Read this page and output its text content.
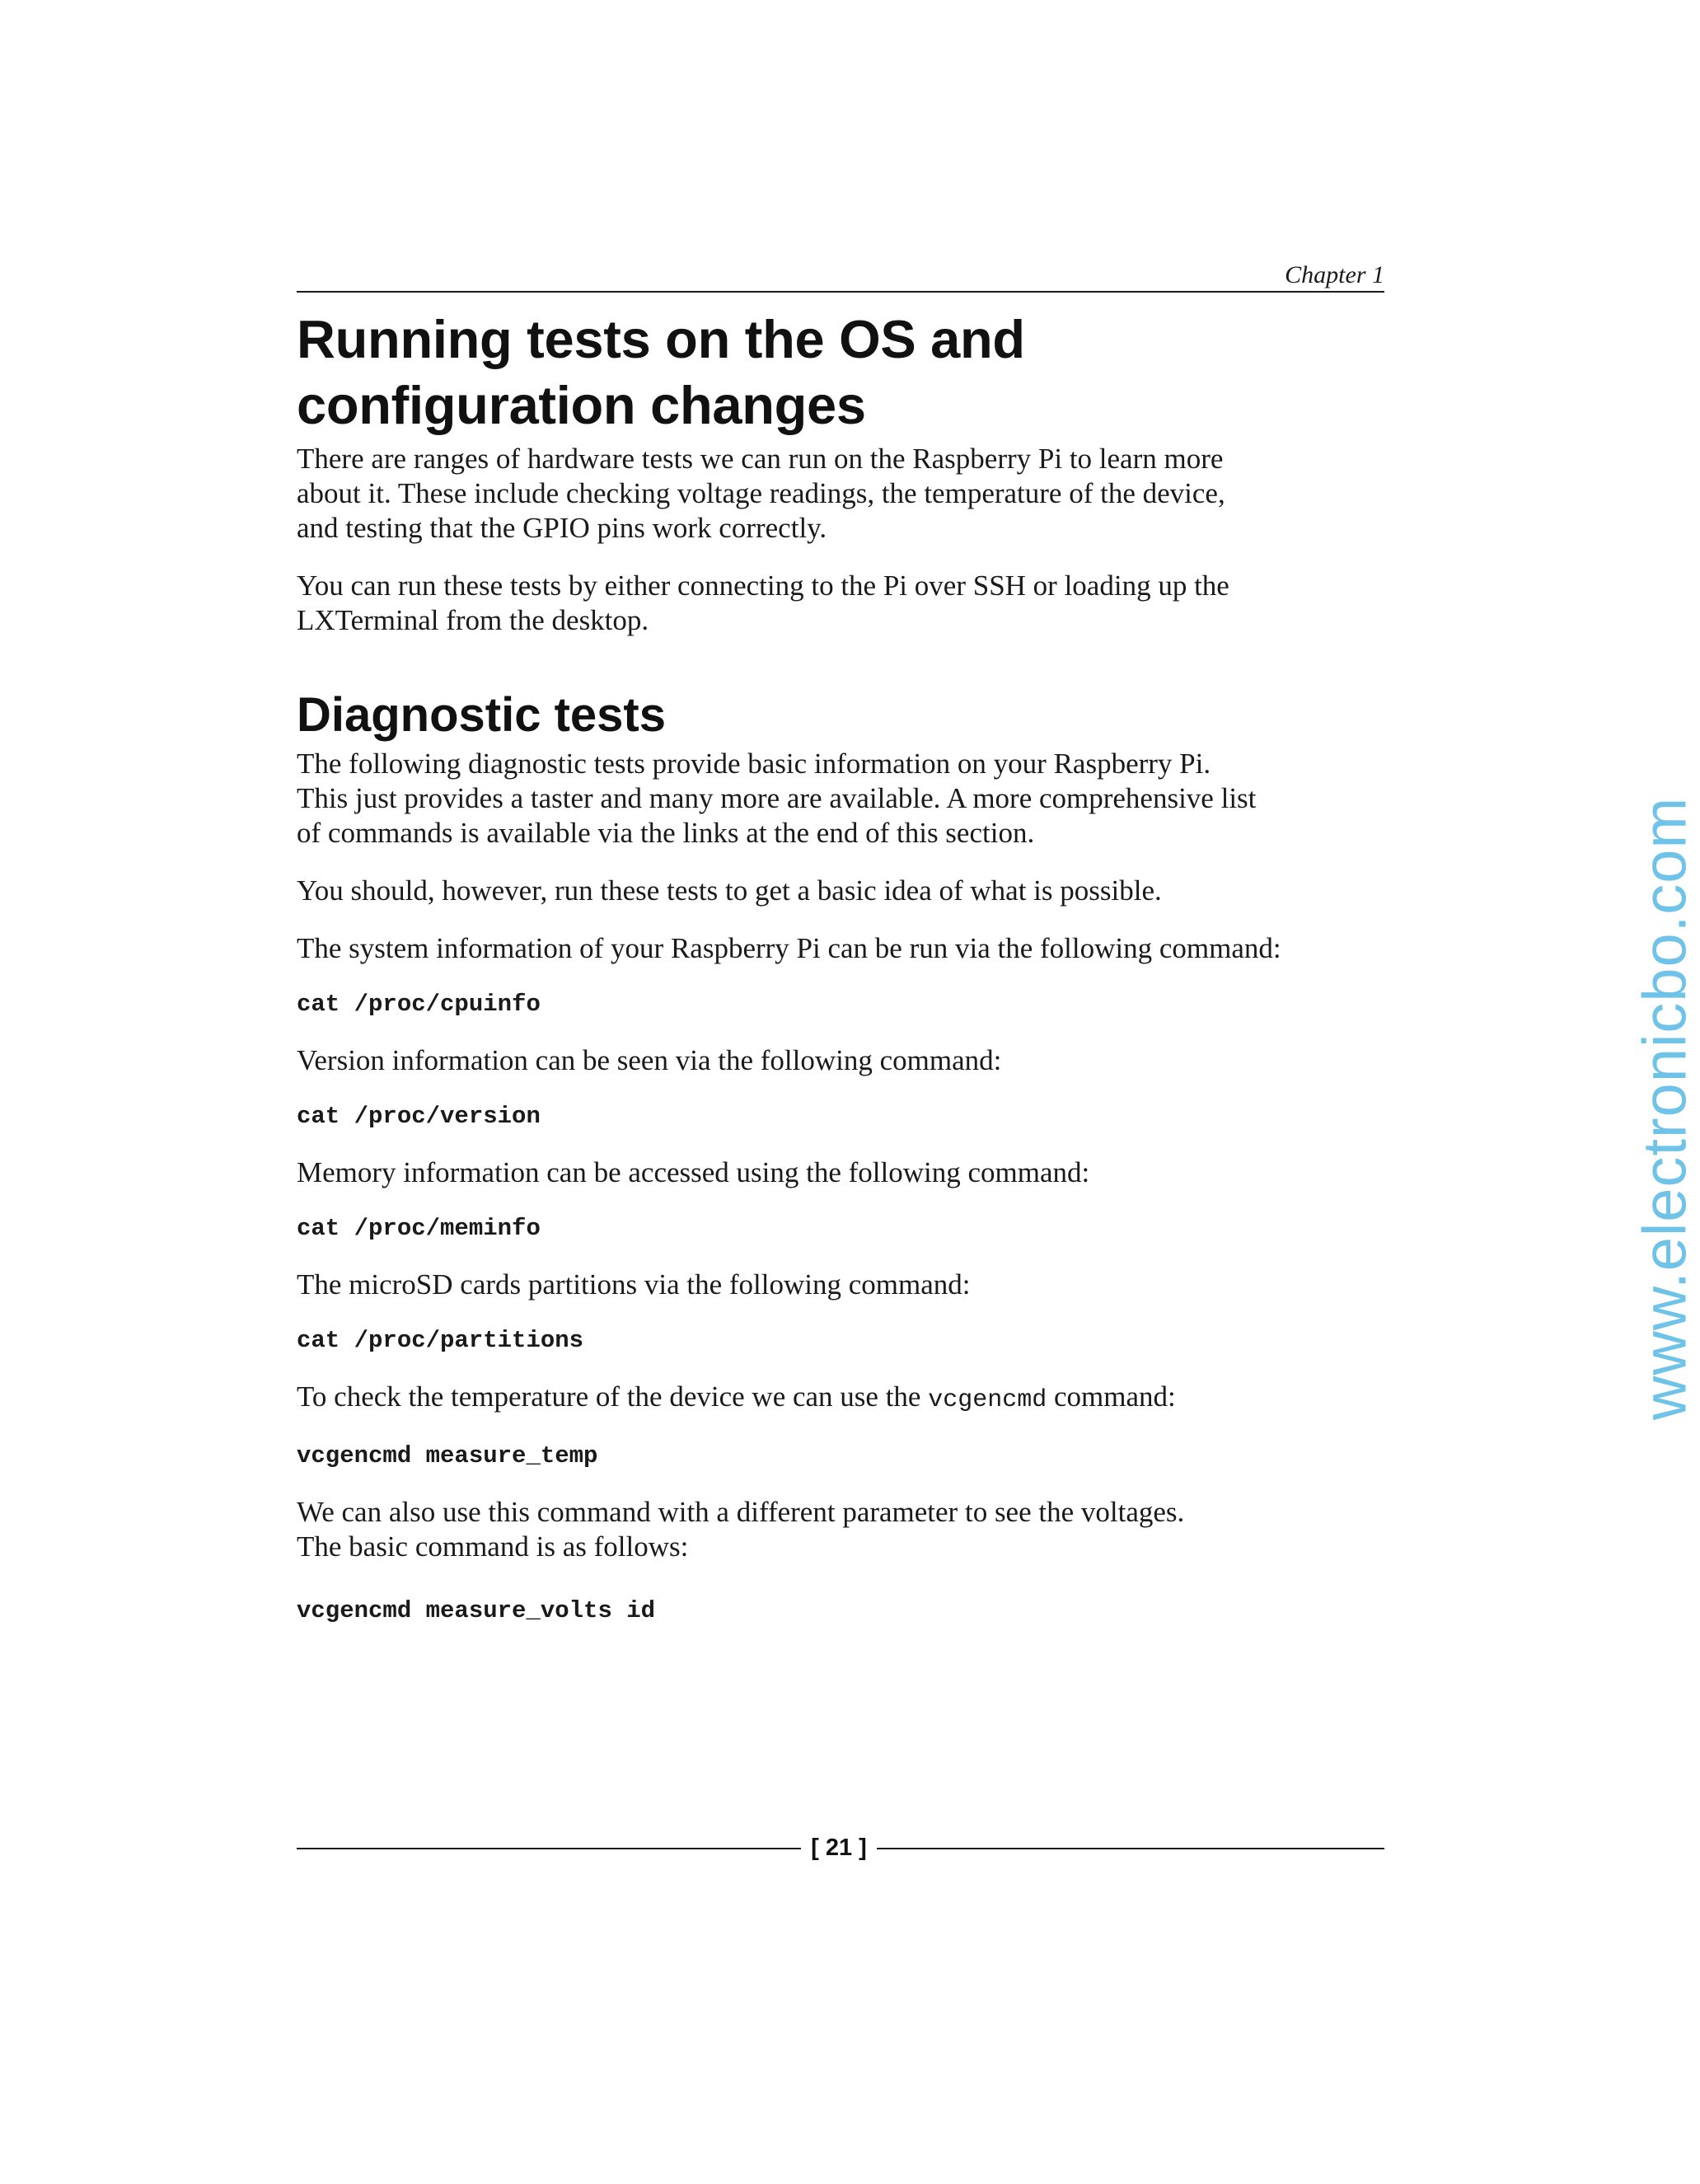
Chapter 1
Running tests on the OS and
configuration changes

There are ranges of hardware tests we can run on the Raspberry Pi to learn more
about it. These include checking voltage readings, the temperature of the device,
and testing that the GPIO pins work correctly.

You can run these tests by either connecting to the Pi over SSH or loading up the
LXTerminal from the desktop.

Diagnostic tests

The following diagnostic tests provide basic information on your Raspberry Pi.
This just provides a taster and many more are available. A more comprehensive list
of commands is available via the links at the end of this section.

You should, however, run these tests to get a basic idea of what is possible.

The system information of your Raspberry Pi can be run via the following command:

cat /proc/cpuinfo

Version information can be seen via the following command:

cat /proc/version

Memory information can be accessed using the following command:

cat /proc/meminfo

The microSD cards partitions via the following command:

cat /proc/partitions

To check the temperature of the device we can use the vcgencmd command:

vcgencmd measure_temp

We can also use this command with a different parameter to see the voltages.
The basic command is as follows:

vcgencmd measure_volts id
[ 21 ]
www.electronicbo.com
